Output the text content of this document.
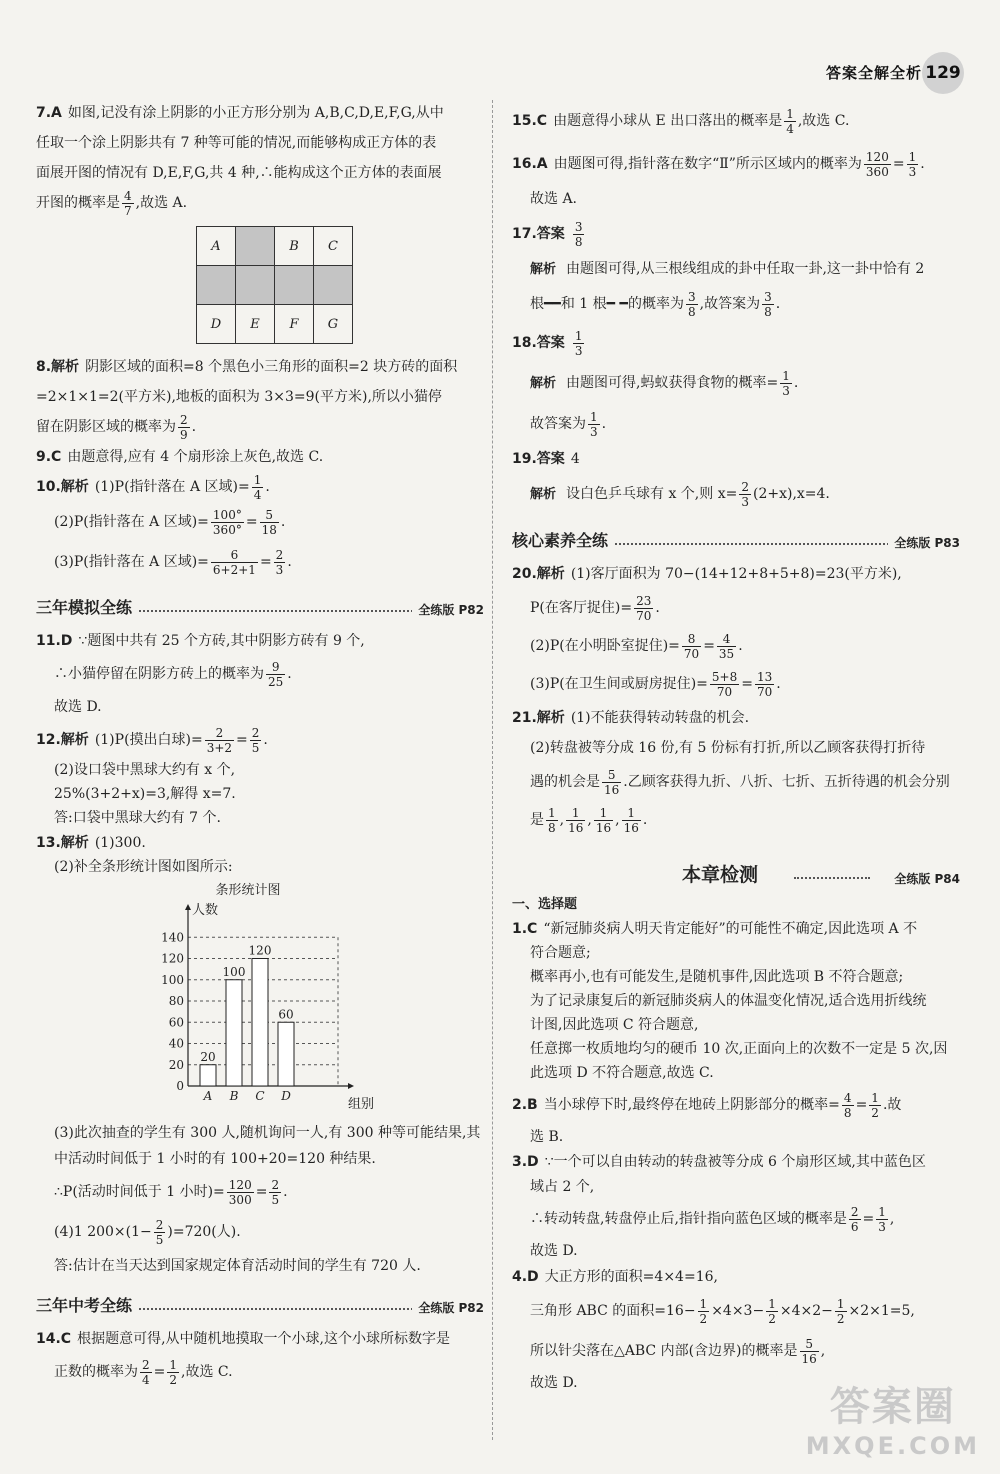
答案全解全析 129

7.A 如图,记没有涂上阴影的小正方形分别为 A,B,C,D,E,F,G,从中

任取一个涂上阴影共有 7 种等可能的情况,而能够构成正方体的表

面展开图的情况有 D,E,F,G,共 4 种,∴能构成这个正方体的表面展

开图的概率是 $\frac{4}{7}$ ,故选 A.

A		B	C

D	E	F	G

8.解析 阴影区域的面积=8 个黑色小三角形的面积=2 块方砖的面积

=2×1×1=2(平方米),地板的面积为 3×3=9(平方米),所以小猫停

留在阴影区域的概率为 $\frac{2}{9}$ .

9.C 由题意得,应有 4 个扇形涂上灰色,故选 C.

10.解析 (1)P(指针落在 A 区域)= $\frac{1}{4}$ .

(2)P(指针落在 A 区域)= $\frac{100^\circ}{360^\circ} = \frac{5}{18}$ .

(3)P(指针落在 A 区域)= $\frac{6}{6+2+1} = \frac{2}{3}$ .

三年模拟全练	全练版 P82

11.D ∵题图中共有 25 个方砖,其中阴影方砖有 9 个,

∴小猫停留在阴影方砖上的概率为 $\frac{9}{25}$ .

故选 D.

12.解析 (1)P(摸出白球)= $\frac{2}{3+2} = \frac{2}{5}$ .

(2)设口袋中黑球大约有 x 个,

25%(3+2+x)=3,解得 x=7.

答:口袋中黑球大约有 7 个.

13.解析 (1)300.

(2)补全条形统计图如图所示:

条形统计图
人数
组别
0
20
40
60
80
100
120
140
20
A
100
B
120
C
60
D

(3)此次抽查的学生有 300 人,随机询问一人,有 300 种等可能结果,其

中活动时间低于 1 小时的有 100+20=120 种结果.

∴P(活动时间低于 1 小时)= $\frac{120}{300} = \frac{2}{5}$ .

(4)1 $200\times(1- \frac{2}{5} )=720$(人).

答:估计在当天达到国家规定体育活动时间的学生有 720 人.

三年中考全练	全练版 P82

14.C 根据题意可得,从中随机地摸取一个小球,这个小球所标数字是

正数的概率为 $\frac{2}{4} = \frac{1}{2}$ ,故选 C.

15.C 由题意得小球从 E 出口落出的概率是 $\frac{1}{4}$ ,故选 C.

16.A 由题图可得,指针落在数字“Ⅱ”所示区域内的概率为 $\frac{120}{360} = \frac{1}{3}$ .

故选 A.

17.答案 $\frac{3}{8}$

解析 由题图可得,从三根线组成的卦中任取一卦,这一卦中恰有 2

根━━和 1 根━ ━的概率为 $\frac{3}{8}$ ,故答案为 $\frac{3}{8}$ .

18.答案 $\frac{1}{3}$

解析 由题图可得,蚂蚁获得食物的概率= $\frac{1}{3}$ .

故答案为 $\frac{1}{3}$ .

19.答案 4

解析 设白色乒乓球有 x 个,则 $x= \frac{2}{3} (2+x),x=4$.

核心素养全练	全练版 P83

20.解析 (1)客厅面积为 70−(14+12+8+5+8)=23(平方米),

P(在客厅捉住)= $\frac{23}{70}$ .

(2)P(在小明卧室捉住)= $\frac{8}{70} = \frac{4}{35}$ .

(3)P(在卫生间或厨房捉住)= $\frac{5+8}{70} = \frac{13}{70}$ .

21.解析 (1)不能获得转动转盘的机会.

(2)转盘被等分成 16 份,有 5 份标有打折,所以乙顾客获得打折待

遇的机会是 $\frac{5}{16}$ .乙顾客获得九折、八折、七折、五折待遇的机会分别

是 $\frac{1}{8}$ , $\frac{1}{16}$ , $\frac{1}{16}$ , $\frac{1}{16}$ .

本章检测	全练版 P84

一、选择题

1.C “新冠肺炎病人明天肯定能好”的可能性不确定,因此选项 A 不

符合题意;

概率再小,也有可能发生,是随机事件,因此选项 B 不符合题意;

为了记录康复后的新冠肺炎病人的体温变化情况,适合选用折线统

计图,因此选项 C 符合题意,

任意掷一枚质地均匀的硬币 10 次,正面向上的次数不一定是 5 次,因

此选项 D 不符合题意,故选 C.

2.B 当小球停下时,最终停在地砖上阴影部分的概率= $\frac{4}{8} = \frac{1}{2}$ .故

选 B.

3.D ∵一个可以自由转动的转盘被等分成 6 个扇形区域,其中蓝色区

域占 2 个,

∴转动转盘,转盘停止后,指针指向蓝色区域的概率是 $\frac{2}{6} = \frac{1}{3}$ ,

故选 D.

4.D 大正方形的面积=4×4=16,

三角形 ABC 的面积$=16- \frac{1}{2} \times 4\times 3- \frac{1}{2} \times 4\times 2- \frac{1}{2} \times 2\times 1=5$,

所以针尖落在△ABC 内部(含边界)的概率是 $\frac{5}{16}$ ,

故选 D.

答案圈
MXQE.COM
